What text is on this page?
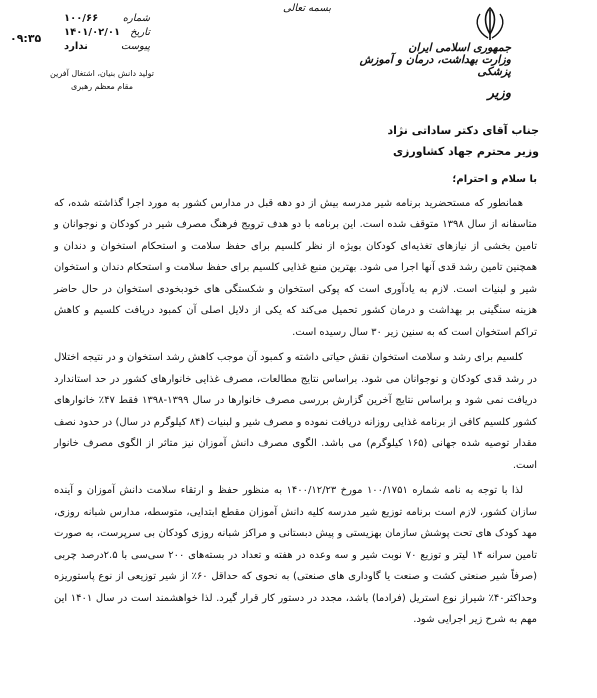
بسمه تعالی
جمهوری اسلامی ایران
وزارت بهداشت، درمان و آموزش پزشکی
وزیر
شماره
۱۰۰/۶۶
تاریخ
۱۴۰۱/۰۲/۰۱
پیوست
ندارد
۰۹:۳۵
تولید دانش بنیان، اشتغال آفرین
مقام معظم رهبری
جناب آقای دکتر ساداتی نژاد
وزیر محترم جهاد کشاورزی

با سلام و احترام؛

همانطور که مستحضرید برنامه شیر مدرسه بیش از دو دهه قبل در مدارس کشور به مورد اجرا گذاشته شده، که متاسفانه از سال ۱۳۹۸ متوقف شده است. این برنامه با دو هدف ترویج فرهنگ مصرف شیر در کودکان و نوجوانان و تامین بخشی از نیازهای تغذیه‌ای کودکان بویژه از نظر کلسیم برای حفظ سلامت و استحکام استخوان و دندان و همچنین تامین رشد قدی آنها اجرا می شود. بهترین منبع غذایی کلسیم برای حفظ سلامت و استحکام دندان و استخوان شیر و لبنیات است. لازم به یادآوری است که پوکی استخوان و شکستگی های خودبخودی استخوان در حال حاضر هزینه سنگینی بر بهداشت و درمان کشور تحمیل می‌کند که یکی از دلایل اصلی آن کمبود دریافت کلسیم و کاهش تراکم استخوان است که به سنین زیر ۳۰ سال رسیده است.

کلسیم برای رشد و سلامت استخوان نقش حیاتی داشته و کمبود آن موجب کاهش رشد استخوان و در نتیجه اختلال در رشد قدی کودکان و نوجوانان می شود. براساس نتایج مطالعات، مصرف غذایی خانوارهای کشور در حد استاندارد دریافت نمی شود و براساس نتایج آخرین گزارش بررسی مصرف خانوارها در سال ۱۳۹۹-۱۳۹۸ فقط ۴۷٪ خانوارهای کشور کلسیم کافی از برنامه غذایی روزانه دریافت نموده و مصرف شیر و لبنیات (۸۴ کیلوگرم در سال) در حدود نصف مقدار توصیه شده جهانی (۱۶۵ کیلوگرم) می باشد. الگوی مصرف دانش آموزان نیز متاثر از الگوی مصرف خانوار است.

لذا با توجه به نامه شماره ۱۰۰/۱۷۵۱ مورخ ۱۴۰۰/۱۲/۲۳ به منظور حفظ و ارتقاء سلامت دانش آموزان و آینده سازان کشور، لازم است برنامه توزیع شیر مدرسه کلیه دانش آموزان مقطع ابتدایی، متوسطه، مدارس شبانه روزی، مهد کودک های تحت پوشش سازمان بهزیستی و پیش دبستانی و مراکز شبانه روزی کودکان بی سرپرست، به صورت تامین سرانه ۱۴ لیتر و توزیع ۷۰ نوبت شیر و سه وعده در هفته و تعداد در بسته‌های ۲۰۰ سی‌سی با ۲.۵درصد چربی (صرفاً شیر صنعتی کشت و صنعت یا گاوداری های صنعتی) به نحوی که حداقل ۶۰٪ از شیر توزیعی از نوع پاستوریزه وحداکثر۴۰٪ شیراز نوع استریل (فرادما) باشد، مجدد در دستور کار قرار گیرد. لذا خواهشمند است در سال ۱۴۰۱ این مهم به شرح زیر اجرایی شود.
